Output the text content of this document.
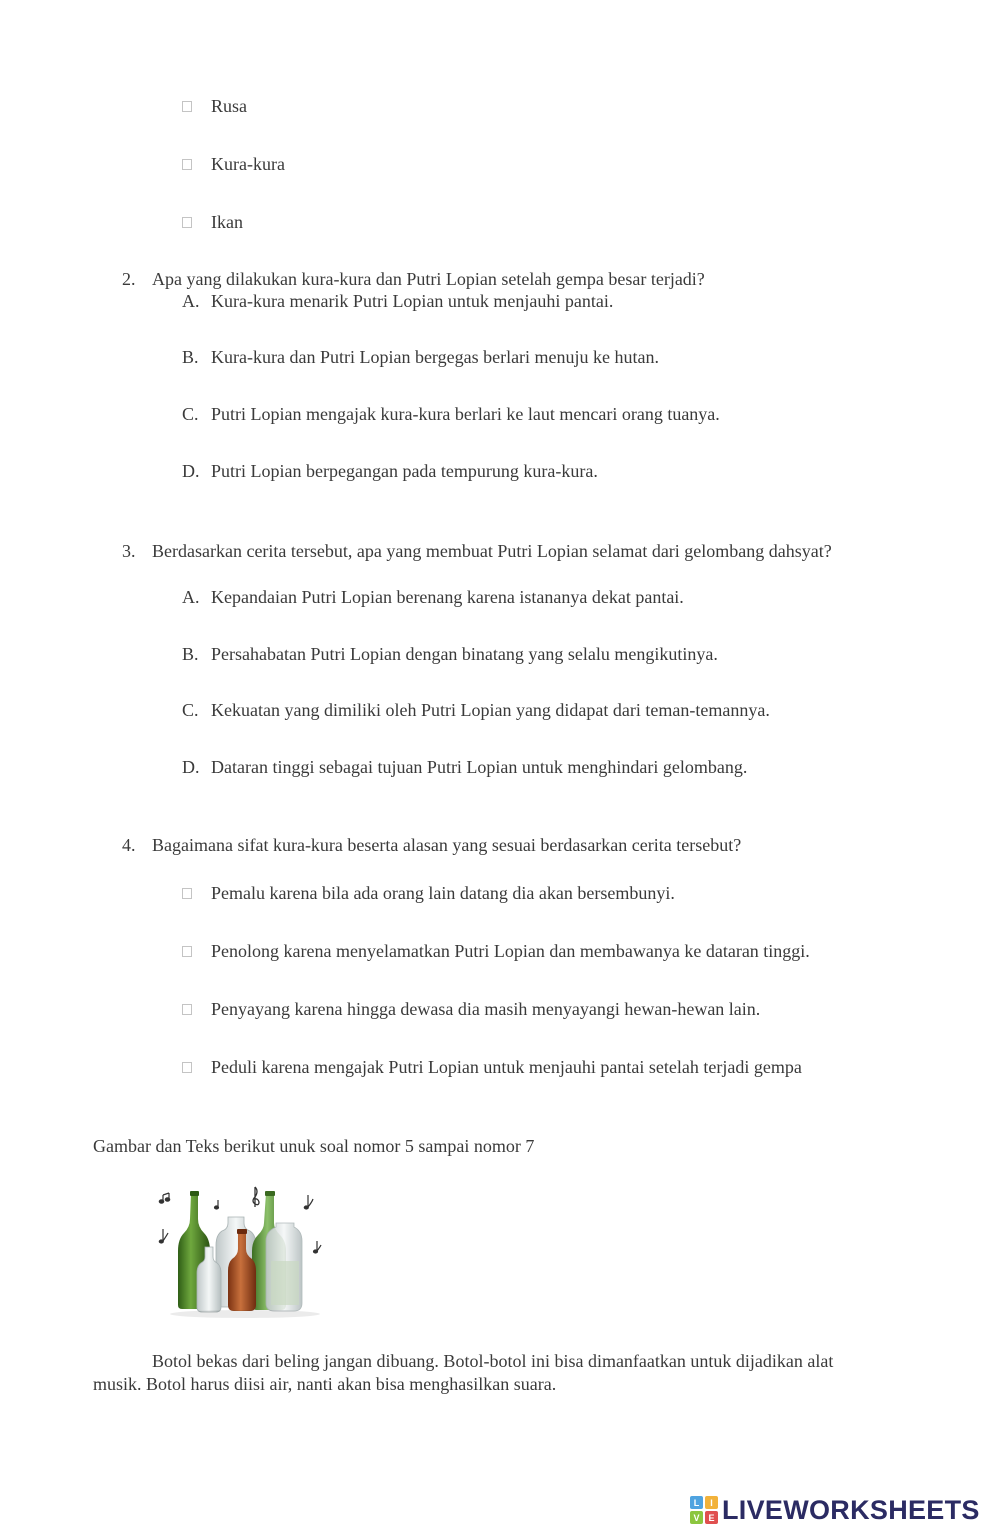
Rusa
Kura-kura
Ikan
2. Apa yang dilakukan kura-kura dan Putri Lopian setelah gempa besar terjadi?
A. Kura-kura menarik Putri Lopian untuk menjauhi pantai.
B. Kura-kura dan Putri Lopian bergegas berlari menuju ke hutan.
C. Putri Lopian mengajak kura-kura berlari ke laut mencari orang tuanya.
D. Putri Lopian berpegangan pada tempurung kura-kura.
3. Berdasarkan cerita tersebut, apa yang membuat Putri Lopian selamat dari gelombang dahsyat?
A. Kepandaian Putri Lopian berenang karena istananya dekat pantai.
B. Persahabatan Putri Lopian dengan binatang yang selalu mengikutinya.
C. Kekuatan yang dimiliki oleh Putri Lopian yang didapat dari teman-temannya.
D. Dataran tinggi sebagai tujuan Putri Lopian untuk menghindari gelombang.
4. Bagaimana sifat kura-kura beserta alasan yang sesuai berdasarkan cerita tersebut?
Pemalu karena bila ada orang lain datang dia akan bersembunyi.
Penolong karena menyelamatkan Putri Lopian dan membawanya ke dataran tinggi.
Penyayang karena hingga dewasa dia masih menyayangi hewan-hewan lain.
Peduli karena mengajak Putri Lopian untuk menjauhi pantai setelah terjadi gempa
Gambar dan Teks berikut unuk soal nomor 5 sampai nomor 7
Botol bekas dari beling jangan dibuang. Botol-botol ini bisa dimanfaatkan untuk dijadikan alat
musik. Botol harus diisi air, nanti akan bisa menghasilkan suara.
L I
V E LIVEWORKSHEETS
